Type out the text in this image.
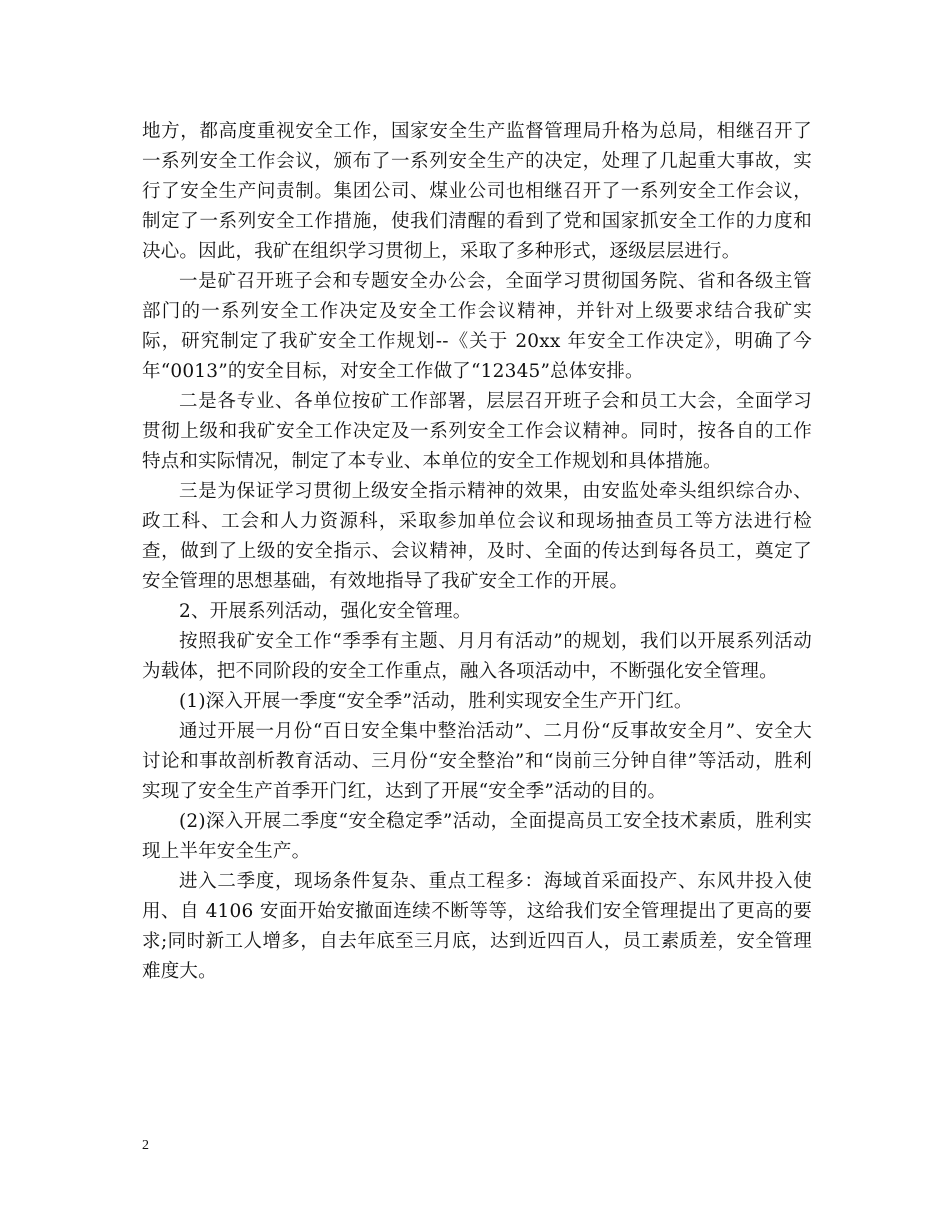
地方，都高度重视安全工作，国家安全生产监督管理局升格为总局，相继召开了一系列安全工作会议，颁布了一系列安全生产的决定，处理了几起重大事故，实行了安全生产问责制。集团公司、煤业公司也相继召开了一系列安全工作会议，制定了一系列安全工作措施，使我们清醒的看到了党和国家抓安全工作的力度和决心。因此，我矿在组织学习贯彻上，采取了多种形式，逐级层层进行。

一是矿召开班子会和专题安全办公会，全面学习贯彻国务院、省和各级主管部门的一系列安全工作决定及安全工作会议精神，并针对上级要求结合我矿实际，研究制定了我矿安全工作规划--《关于 20xx 年安全工作决定》，明确了今年“0013”的安全目标，对安全工作做了“12345”总体安排。

二是各专业、各单位按矿工作部署，层层召开班子会和员工大会，全面学习贯彻上级和我矿安全工作决定及一系列安全工作会议精神。同时，按各自的工作特点和实际情况，制定了本专业、本单位的安全工作规划和具体措施。

三是为保证学习贯彻上级安全指示精神的效果，由安监处牵头组织综合办、政工科、工会和人力资源科，采取参加单位会议和现场抽查员工等方法进行检查，做到了上级的安全指示、会议精神，及时、全面的传达到每各员工，奠定了安全管理的思想基础，有效地指导了我矿安全工作的开展。

2、开展系列活动，强化安全管理。

按照我矿安全工作“季季有主题、月月有活动”的规划，我们以开展系列活动为载体，把不同阶段的安全工作重点，融入各项活动中，不断强化安全管理。

(1)深入开展一季度“安全季”活动，胜利实现安全生产开门红。

通过开展一月份“百日安全集中整治活动”、二月份“反事故安全月”、安全大讨论和事故剖析教育活动、三月份“安全整治”和“岗前三分钟自律”等活动，胜利实现了安全生产首季开门红，达到了开展“安全季”活动的目的。

(2)深入开展二季度“安全稳定季”活动，全面提高员工安全技术素质，胜利实现上半年安全生产。

进入二季度，现场条件复杂、重点工程多：海域首采面投产、东风井投入使用、自 4106 安面开始安撤面连续不断等等，这给我们安全管理提出了更高的要求;同时新工人增多，自去年底至三月底，达到近四百人，员工素质差，安全管理难度大。

2
